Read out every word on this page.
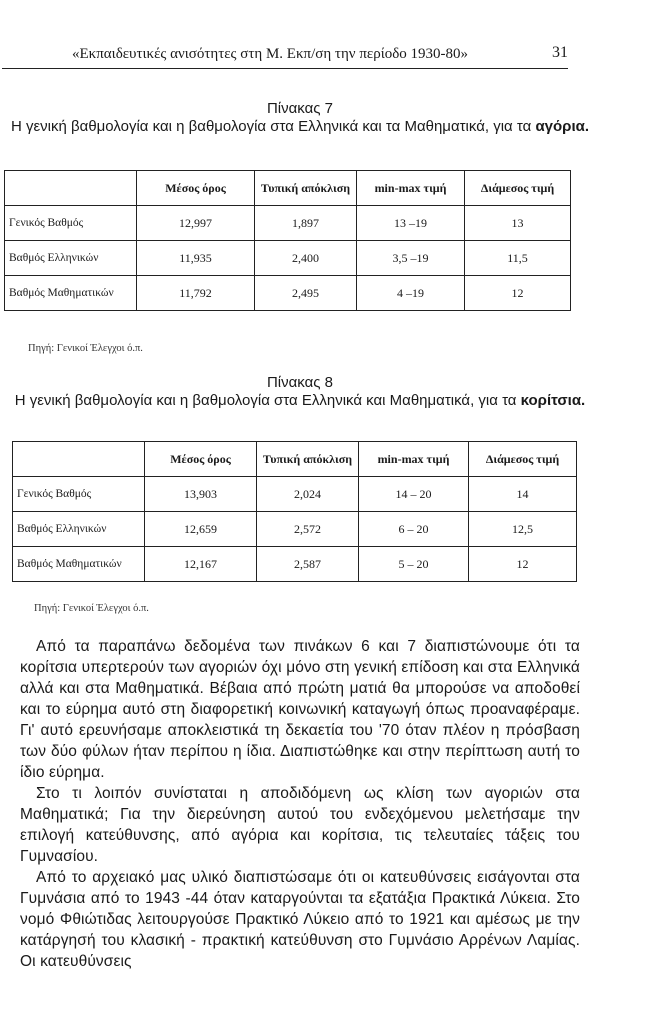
«Εκπαιδευτικές ανισότητες στη Μ. Εκπ/ση την περίοδο 1930-80»	31
Πίνακας 7
Η γενική βαθμολογία και η βαθμολογία στα Ελληνικά και τα Μαθηματικά, για τα αγόρια.
	Μέσος όρος	Τυπική απόκλιση	min-max τιμή	Διάμεσος τιμή
Γενικός Βαθμός	12,997	1,897	13 –19	13
Βαθμός Ελληνικών	11,935	2,400	3,5 –19	11,5
Βαθμός Μαθηματικών	11,792	2,495	4 –19	12
Πηγή: Γενικοί Έλεγχοι ό.π.
Πίνακας 8
Η γενική βαθμολογία και η βαθμολογία στα Ελληνικά και Μαθηματικά, για τα κορίτσια.
	Μέσος όρος	Τυπική απόκλιση	min-max τιμή	Διάμεσος τιμή
Γενικός Βαθμός	13,903	2,024	14 – 20	14
Βαθμός Ελληνικών	12,659	2,572	6 – 20	12,5
Βαθμός Μαθηματικών	12,167	2,587	5 – 20	12
Πηγή: Γενικοί Έλεγχοι ό.π.

Από τα παραπάνω δεδομένα των πινάκων 6 και 7 διαπιστώνουμε ότι τα κορίτσια υπερτερούν των αγοριών όχι μόνο στη γενική επίδοση και στα Ελληνικά αλλά και στα Μαθηματικά. Βέβαια από πρώτη ματιά θα μπορούσε να αποδοθεί και το εύρημα αυτό στη διαφορετική κοινωνική καταγωγή όπως προαναφέραμε. Γι' αυτό ερευνήσαμε αποκλειστικά τη δεκαετία του '70 όταν πλέον η πρόσβαση των δύο φύλων ήταν περίπου η ίδια. Διαπιστώθηκε και στην περίπτωση αυτή το ίδιο εύρημα.

Στο τι λοιπόν συνίσταται η αποδιδόμενη ως κλίση των αγοριών στα Μαθηματικά; Για την διερεύνηση αυτού του ενδεχόμενου μελετήσαμε την επιλογή κατεύθυνσης, από αγόρια και κορίτσια, τις τελευταίες τάξεις του Γυμνασίου.

Από το αρχειακό μας υλικό διαπιστώσαμε ότι οι κατευθύνσεις εισάγονται στα Γυμνάσια από το 1943 -44 όταν καταργούνται τα εξατάξια Πρακτικά Λύκεια. Στο νομό Φθιώτιδας λειτουργούσε Πρακτικό Λύκειο από το 1921 και αμέσως με την κατάργησή του κλασική - πρακτική κατεύθυνση στο Γυμνάσιο Αρρένων Λαμίας. Οι κατευθύνσεις
